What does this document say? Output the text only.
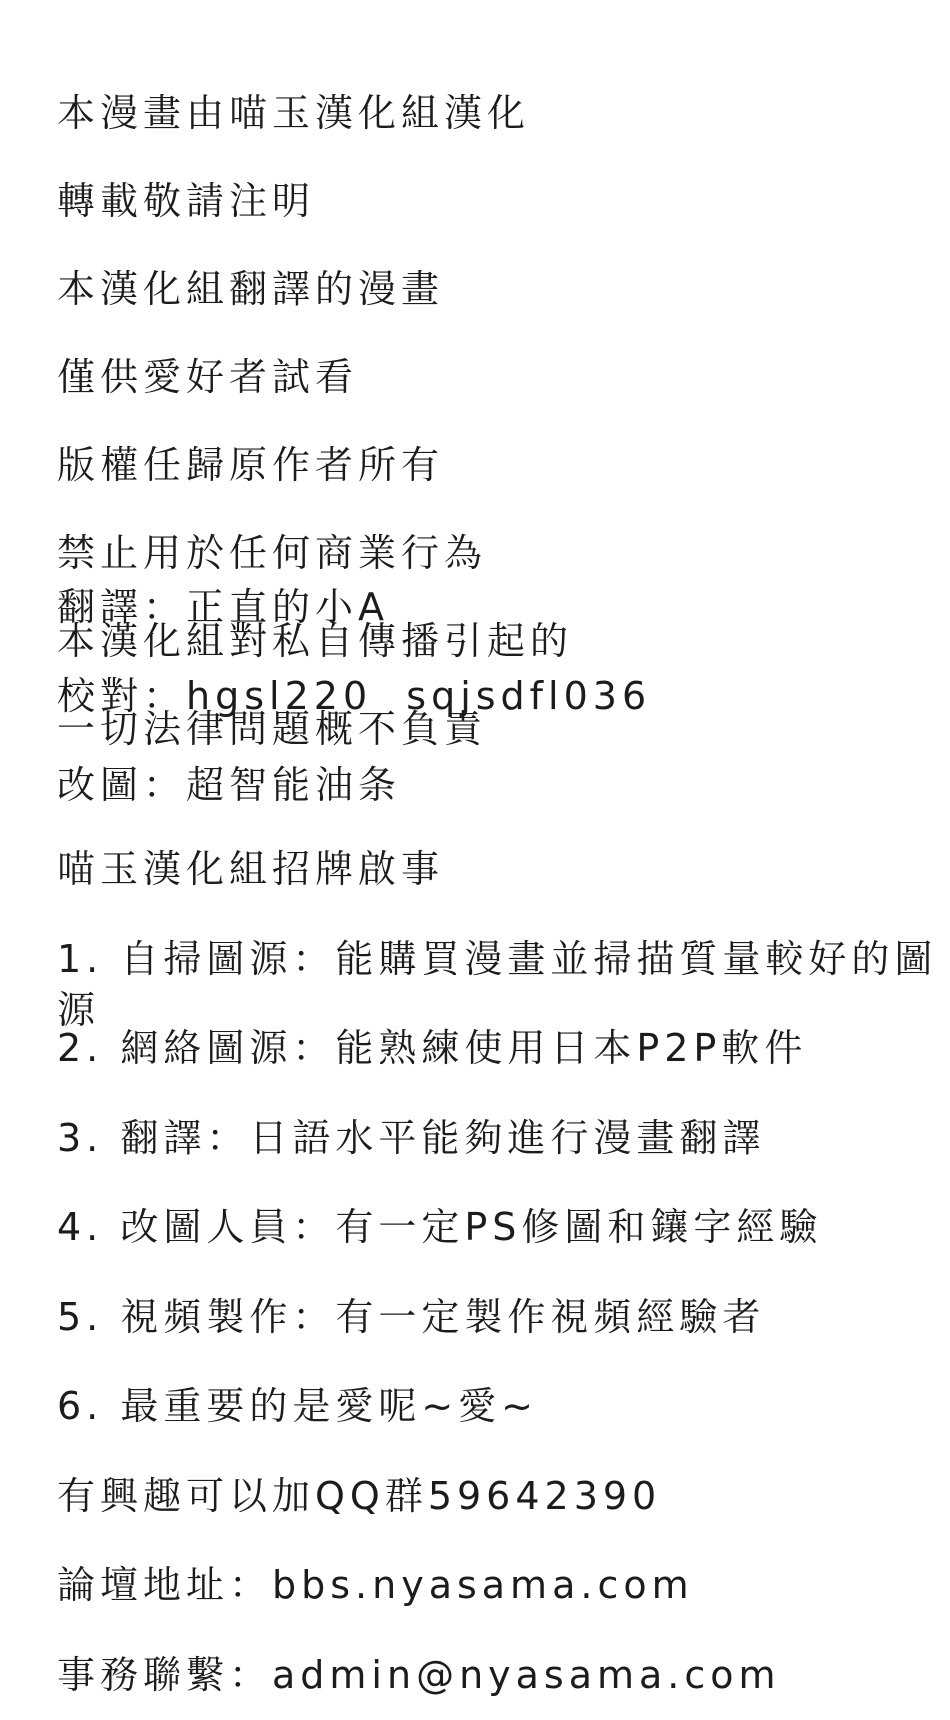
本漫畫由喵玉漢化組漢化

轉載敬請注明

本漢化組翻譯的漫畫

僅供愛好者試看

版權任歸原作者所有

禁止用於任何商業行為

本漢化組對私自傳播引起的

一切法律問題概不負責

翻譯：正直的小A

校對：hgsl220  sqjsdfl036

改圖：超智能油条

喵玉漢化組招牌啟事

1. 自掃圖源：能購買漫畫並掃描質量較好的圖源

2. 網絡圖源：能熟練使用日本P2P軟件

3. 翻譯：日語水平能夠進行漫畫翻譯

4. 改圖人員：有一定PS修圖和鑲字經驗

5. 視頻製作：有一定製作視頻經驗者

6. 最重要的是愛呢~愛~

有興趣可以加QQ群59642390

論壇地址：bbs.nyasama.com

事務聯繫：admin@nyasama.com
